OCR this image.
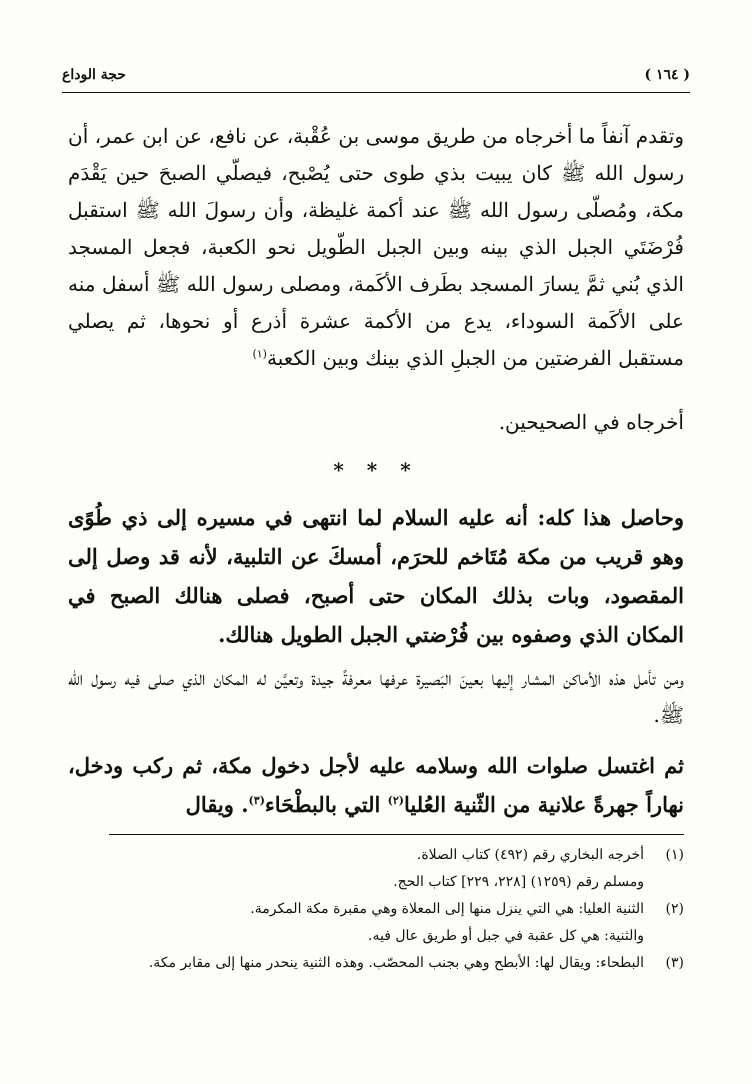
حجة الوداع	( ١٦٤ )

وتقدم آنفاً ما أخرجاه من طريق موسى بن عُقْبة، عن نافع، عن ابن عمر، أن رسول الله ﷺ كان يبيت بذي طوى حتى يُصْبح، فيصلّي الصبحَ حين يَقْدَم مكة، ومُصلّى رسول الله ﷺ عند أكمة غليظة، وأن رسولَ الله ﷺ استقبل فُرْضَتَي الجبل الذي بينه وبين الجبل الطّويل نحو الكعبة، فجعل المسجد الذي بُني ثمَّ يسارَ المسجد بطَرف الأكَمة، ومصلى رسول الله ﷺ أسفل منه على الأكَمة السوداء، يدع من الأكمة عشرة أذرع أو نحوها، ثم يصلي مستقبل الفرضتين من الجبلِ الذي بينك وبين الكعبة$^{(١)}$

أخرجاه في الصحيحين.

* * *

وحاصل هذا كله: أنه عليه السلام لما انتهى في مسيره إلى ذي طُوًى وهو قريب من مكة مُتَاخم للحرَم، أمسكَ عن التلبية، لأنه قد وصل إلى المقصود، وبات بذلك المكان حتى أصبح، فصلى هنالك الصبح في المكان الذي وصفوه بين فُرْضتي الجبل الطويل هنالك.

ومن تأمل هذه الأماكن المشار إليها بعينَ البَصيرة عرفها معرفةً جيدة وتعيَّن له المكان الذي صلى فيه رسول الله ﷺ.

ثم اغتسل صلوات الله وسلامه عليه لأجل دخول مكة، ثم ركب ودخل، نهاراً جهرةً علانية من الثّنية العُليا$^{(٢)}$ التي بالبطْحَاء$^{(٣)}$. ويقال

(١)
أخرجه البخاري رقم (٤٩٢) كتاب الصلاة.
ومسلم رقم (١٢٥٩) [٢٢٨، ٢٢٩] كتاب الحج.
(٢)
الثنية العليا: هي التي ينزل منها إلى المعلاة وهي مقبرة مكة المكرمة.
والثنية: هي كل عقبة في جبل أو طريق عال فيه.
(٣)
البطحاء: ويقال لها: الأبطح وهي بجنب المحصّب. وهذه الثنية ينحدر منها إلى مقابر مكة.
